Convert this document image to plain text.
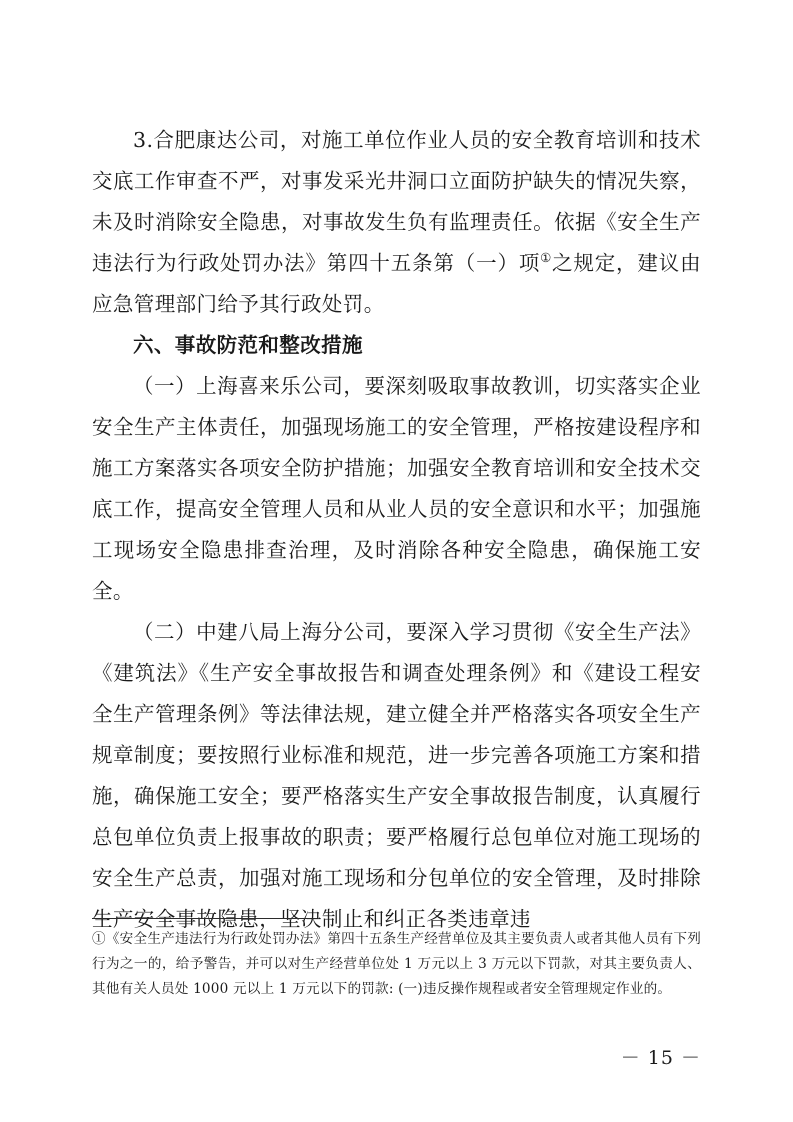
3.合肥康达公司，对施工单位作业人员的安全教育培训和技术交底工作审查不严，对事发采光井洞口立面防护缺失的情况失察，未及时消除安全隐患，对事故发生负有监理责任。依据《安全生产违法行为行政处罚办法》第四十五条第（一）项①之规定，建议由应急管理部门给予其行政处罚。

六、事故防范和整改措施

（一）上海喜来乐公司，要深刻吸取事故教训，切实落实企业安全生产主体责任，加强现场施工的安全管理，严格按建设程序和施工方案落实各项安全防护措施；加强安全教育培训和安全技术交底工作，提高安全管理人员和从业人员的安全意识和水平；加强施工现场安全隐患排查治理，及时消除各种安全隐患，确保施工安全。

（二）中建八局上海分公司，要深入学习贯彻《安全生产法》《建筑法》《生产安全事故报告和调查处理条例》和《建设工程安全生产管理条例》等法律法规，建立健全并严格落实各项安全生产规章制度；要按照行业标准和规范，进一步完善各项施工方案和措施，确保施工安全；要严格落实生产安全事故报告制度，认真履行总包单位负责上报事故的职责；要严格履行总包单位对施工现场的安全生产总责，加强对施工现场和分包单位的安全管理，及时排除生产安全事故隐患，坚决制止和纠正各类违章违

①《安全生产违法行为行政处罚办法》第四十五条生产经营单位及其主要负责人或者其他人员有下列行为之一的，给予警告，并可以对生产经营单位处 1 万元以上 3 万元以下罚款，对其主要负责人、其他有关人员处 1000 元以上 1 万元以下的罚款: (一)违反操作规程或者安全管理规定作业的。

－ 15 －
